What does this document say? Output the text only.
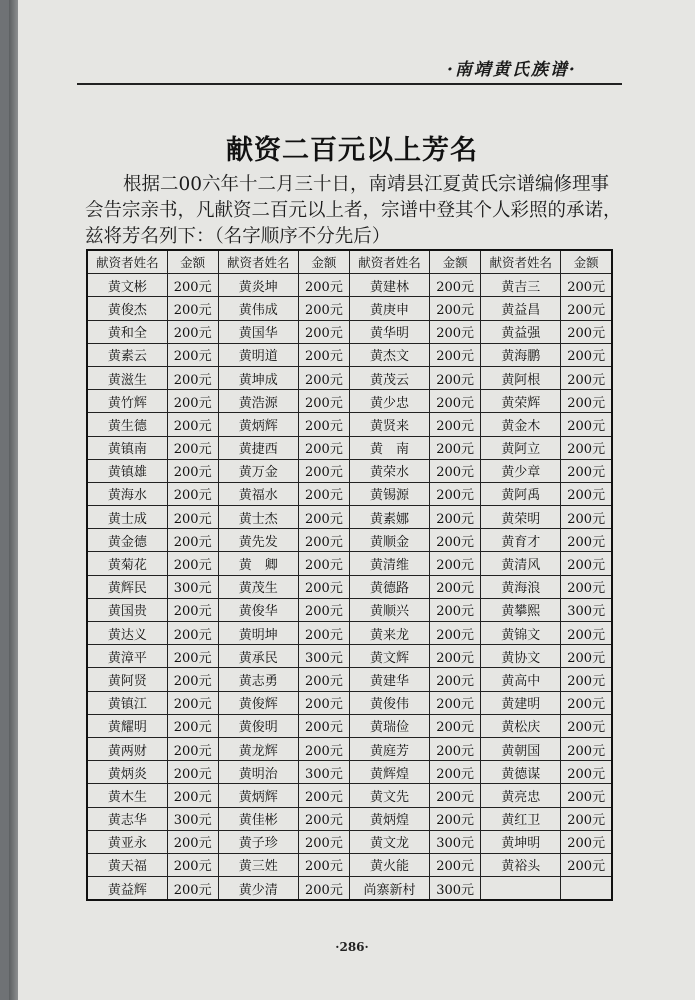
·南靖黄氏族谱·
献资二百元以上芳名
根据二00六年十二月三十日，南靖县江夏黄氏宗谱编修理事会告宗亲书，凡献资二百元以上者，宗谱中登其个人彩照的承诺，兹将芳名列下：（名字顺序不分先后）
献资者姓名	金额	献资者姓名	金额	献资者姓名	金额	献资者姓名	金额
黄文彬	200元	黄炎坤	200元	黄建林	200元	黄吉三	200元
黄俊杰	200元	黄伟成	200元	黄庚申	200元	黄益昌	200元
黄和全	200元	黄国华	200元	黄华明	200元	黄益强	200元
黄素云	200元	黄明道	200元	黄杰文	200元	黄海鹏	200元
黄滋生	200元	黄坤成	200元	黄茂云	200元	黄阿根	200元
黄竹辉	200元	黄浩源	200元	黄少忠	200元	黄荣辉	200元
黄生德	200元	黄炳辉	200元	黄贤来	200元	黄金木	200元
黄镇南	200元	黄捷西	200元	黄　南	200元	黄阿立	200元
黄镇雄	200元	黄万金	200元	黄荣水	200元	黄少章	200元
黄海水	200元	黄福水	200元	黄锡源	200元	黄阿禹	200元
黄士成	200元	黄士杰	200元	黄素娜	200元	黄荣明	200元
黄金德	200元	黄先发	200元	黄顺金	200元	黄育才	200元
黄菊花	200元	黄　卿	200元	黄清维	200元	黄清风	200元
黄辉民	300元	黄茂生	200元	黄德路	200元	黄海浪	200元
黄国贵	200元	黄俊华	200元	黄顺兴	200元	黄攀熙	300元
黄达义	200元	黄明坤	200元	黄来龙	200元	黄锦文	200元
黄漳平	200元	黄承民	300元	黄文辉	200元	黄协文	200元
黄阿贤	200元	黄志勇	200元	黄建华	200元	黄高中	200元
黄镇江	200元	黄俊辉	200元	黄俊伟	200元	黄建明	200元
黄耀明	200元	黄俊明	200元	黄瑞俭	200元	黄松庆	200元
黄两财	200元	黄龙辉	200元	黄庭芳	200元	黄朝国	200元
黄炳炎	200元	黄明治	300元	黄辉煌	200元	黄德谋	200元
黄木生	200元	黄炳辉	200元	黄文先	200元	黄亮忠	200元
黄志华	300元	黄佳彬	200元	黄炳煌	200元	黄红卫	200元
黄亚永	200元	黄子珍	200元	黄文龙	300元	黄坤明	200元
黄天福	200元	黄三姓	200元	黄火能	200元	黄裕头	200元
黄益辉	200元	黄少清	200元	尚寨新村	300元		
·286·
